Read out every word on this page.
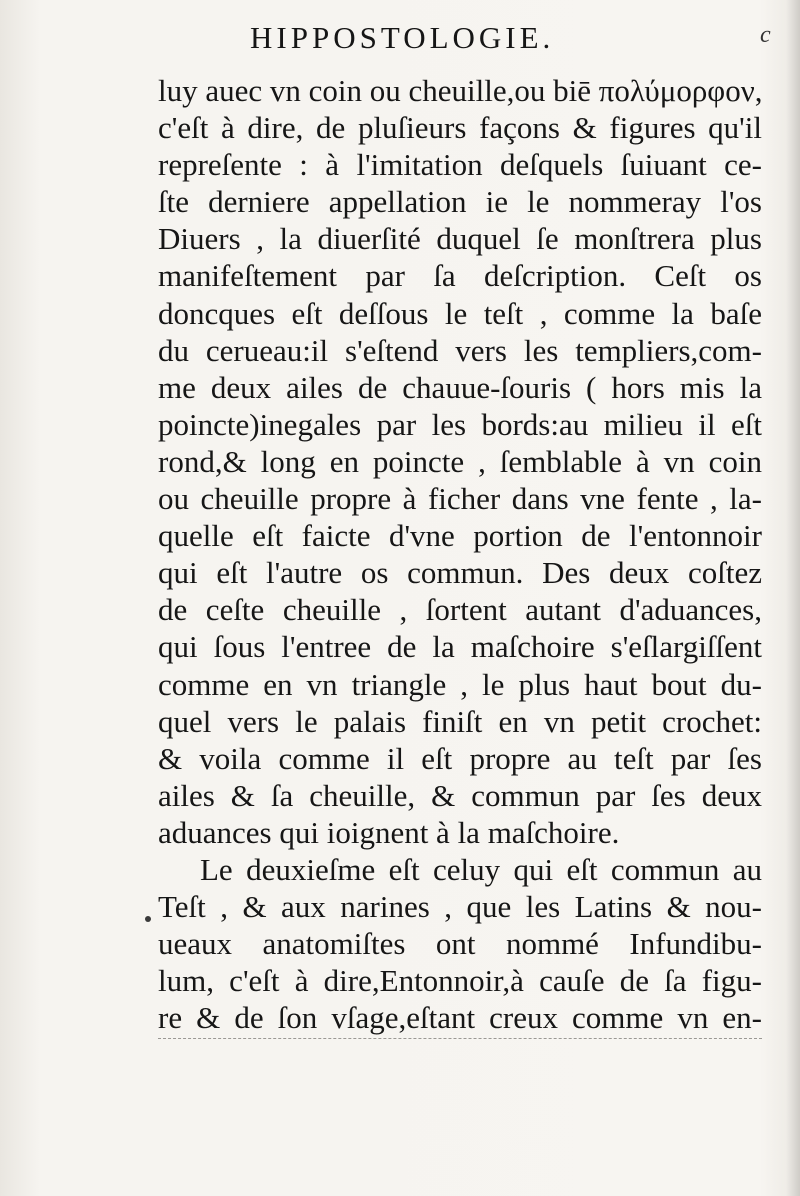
HIPPOSTOLOGIE.	c
luy auec vn coin ou cheuille,ou biē πολύμορφον,
c'eſt à dire, de pluſieurs façons & figures qu'il
repreſente : à l'imitation deſquels ſuiuant ce-
ſte derniere appellation ie le nommeray l'os
Diuers , la diuerſité duquel ſe monſtrera plus
manifeſtement par ſa deſcription. Ceſt os
doncques eſt deſſous le teſt , comme la baſe
du cerueau:il s'eſtend vers les templiers,com-
me deux ailes de chauue-ſouris ( hors mis la
poincte)inegales par les bords:au milieu il eſt
rond,& long en poincte , ſemblable à vn coin
ou cheuille propre à ficher dans vne fente , la-
quelle eſt faicte d'vne portion de l'entonnoir
qui eſt l'autre os commun. Des deux coſtez
de ceſte cheuille , ſortent autant d'aduances,
qui ſous l'entree de la maſchoire s'eſlargiſſent
comme en vn triangle , le plus haut bout du-
quel vers le palais finiſt en vn petit crochet:
& voila comme il eſt propre au teſt par ſes
ailes & ſa cheuille, & commun par ſes deux
aduances qui ioignent à la maſchoire.
Le deuxieſme eſt celuy qui eſt commun au
Teſt , & aux narines , que les Latins & nou-
ueaux anatomiſtes ont nommé Infundibu-
lum, c'eſt à dire,Entonnoir,à cauſe de ſa figu-
re & de ſon vſage,eſtant creux comme vn en-
